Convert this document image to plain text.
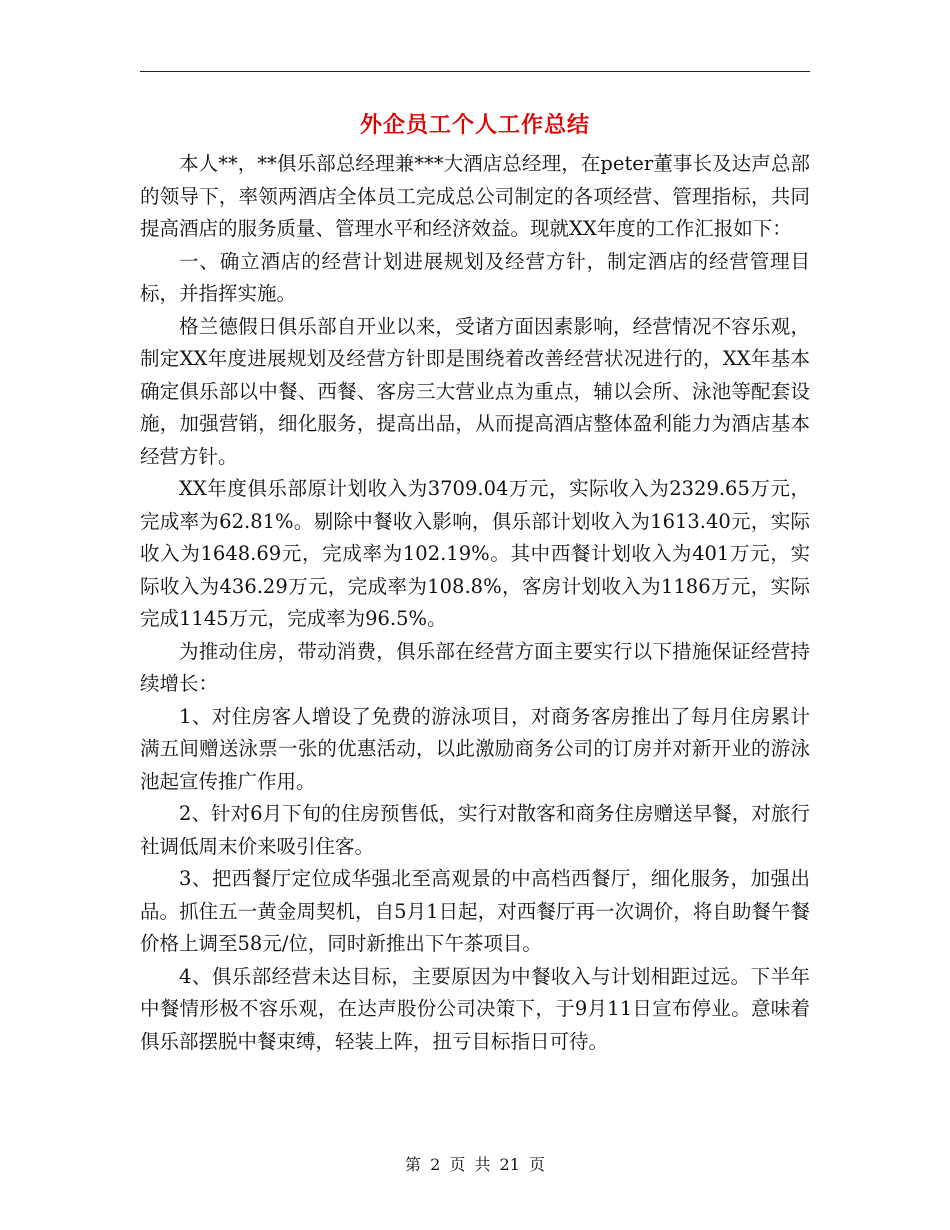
外企员工个人工作总结

本人**，**俱乐部总经理兼***大酒店总经理，在peter董事长及达声总部的领导下，率领两酒店全体员工完成总公司制定的各项经营、管理指标，共同提高酒店的服务质量、管理水平和经济效益。现就XX年度的工作汇报如下：

一、确立酒店的经营计划进展规划及经营方针，制定酒店的经营管理目标，并指挥实施。

格兰德假日俱乐部自开业以来，受诸方面因素影响，经营情况不容乐观，制定XX年度进展规划及经营方针即是围绕着改善经营状况进行的，XX年基本确定俱乐部以中餐、西餐、客房三大营业点为重点，辅以会所、泳池等配套设施，加强营销，细化服务，提高出品，从而提高酒店整体盈利能力为酒店基本经营方针。

XX年度俱乐部原计划收入为3709.04万元，实际收入为2329.65万元，完成率为62.81%。剔除中餐收入影响，俱乐部计划收入为1613.40元，实际收入为1648.69元，完成率为102.19%。其中西餐计划收入为401万元，实际收入为436.29万元，完成率为108.8%，客房计划收入为1186万元，实际完成1145万元，完成率为96.5%。

为推动住房，带动消费，俱乐部在经营方面主要实行以下措施保证经营持续增长：

1、对住房客人增设了免费的游泳项目，对商务客房推出了每月住房累计满五间赠送泳票一张的优惠活动，以此激励商务公司的订房并对新开业的游泳池起宣传推广作用。

2、针对6月下旬的住房预售低，实行对散客和商务住房赠送早餐，对旅行社调低周末价来吸引住客。

3、把西餐厅定位成华强北至高观景的中高档西餐厅，细化服务，加强出品。抓住五一黄金周契机，自5月1日起，对西餐厅再一次调价，将自助餐午餐价格上调至58元/位，同时新推出下午茶项目。

4、俱乐部经营未达目标，主要原因为中餐收入与计划相距过远。下半年中餐情形极不容乐观，在达声股份公司决策下，于9月11日宣布停业。意味着俱乐部摆脱中餐束缚，轻装上阵，扭亏目标指日可待。

第 2 页 共 21 页
